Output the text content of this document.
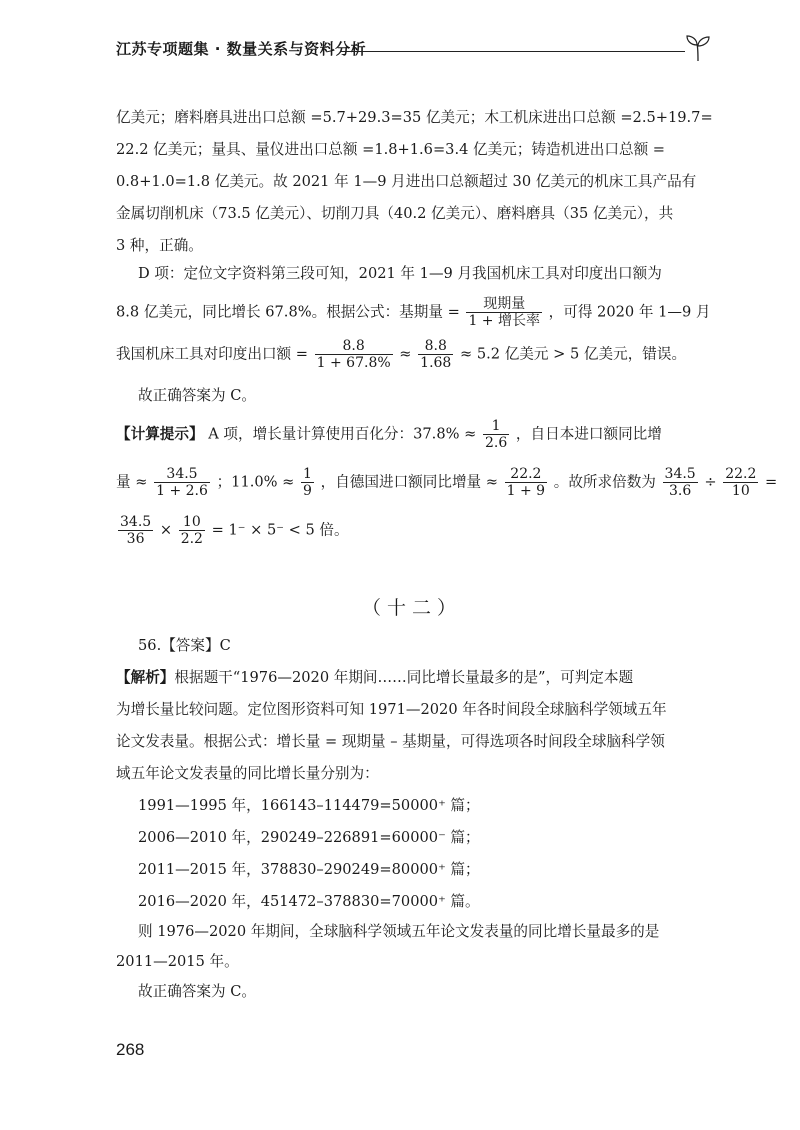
江苏专项题集 · 数量关系与资料分析
亿美元；磨料磨具进出口总额 =5.7+29.3=35 亿美元；木工机床进出口总额 =2.5+19.7=
22.2 亿美元；量具、量仪进出口总额 =1.8+1.6=3.4 亿美元；铸造机进出口总额 =
0.8+1.0=1.8 亿美元。故 2021 年 1—9 月进出口总额超过 30 亿美元的机床工具产品有
金属切削机床（73.5 亿美元）、切削刀具（40.2 亿美元）、磨料磨具（35 亿美元），共
3 种，正确。
D 项：定位文字资料第三段可知，2021 年 1—9 月我国机床工具对印度出口额为
8.8 亿美元，同比增长 67.8%。根据公式：基期量 = $\frac{\text{现期量}}{\text{1 + 增长率}}$ ，可得 2020 年 1—9 月
我国机床工具对印度出口额 = $\frac{8.8}{1 + 67.8\%} \approx \frac{8.8}{1.68} \approx 5.2$ 亿美元 > 5 亿美元，错误。
故正确答案为 C。
【计算提示】 A 项，增长量计算使用百化分：$37.8\% \approx \frac{1}{2.6}$ ，自日本进口额同比增
量 ≈ $\frac{34.5}{1 + 2.6}$ ；$11.0\% \approx \frac{1}{9}$ ，自德国进口额同比增量 ≈ $\frac{22.2}{1 + 9}$ 。故所求倍数为 $\frac{34.5}{3.6} \div \frac{22.2}{10}$ =
$\frac{34.5}{36} \times \frac{10}{2.2} = 1^- \times 5^- < 5$ 倍。
（十二）
56.【答案】C
【解析】根据题干“1976—2020 年期间……同比增长量最多的是”，可判定本题
为增长量比较问题。定位图形资料可知 1971—2020 年各时间段全球脑科学领域五年
论文发表量。根据公式：增长量 = 现期量 – 基期量，可得选项各时间段全球脑科学领
域五年论文发表量的同比增长量分别为：
1991—1995 年，166143–114479=50000⁺ 篇；
2006—2010 年，290249–226891=60000⁻ 篇；
2011—2015 年，378830–290249=80000⁺ 篇；
2016—2020 年，451472–378830=70000⁺ 篇。
则 1976—2020 年期间，全球脑科学领域五年论文发表量的同比增长量最多的是
2011—2015 年。
故正确答案为 C。
268
